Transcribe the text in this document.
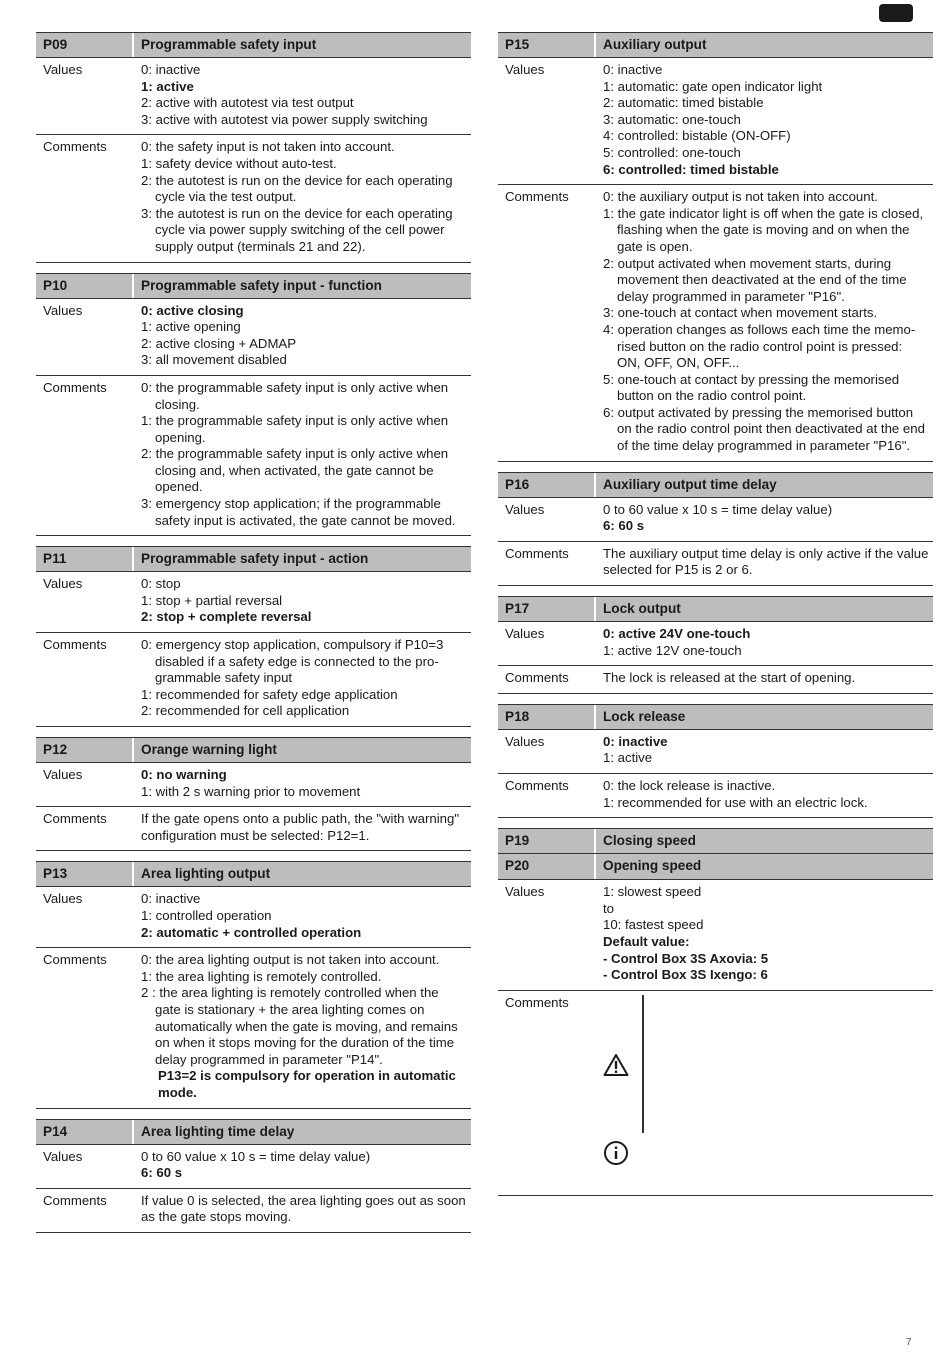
P09	Programmable safety input
Values	0: inactive
1: active
2: active with autotest via test output
3: active with autotest via power supply switching
Comments	0: the safety input is not taken into account.
1: safety device without auto-test.
2: the autotest is run on the device for each operating cycle via the test output.
3: the autotest is run on the device for each operating cycle via power supply switching of the cell power supply output (terminals 21 and 22).
P10	Programmable safety input - function
Values	0: active closing
1: active opening
2: active closing + ADMAP
3: all movement disabled
Comments	0: the programmable safety input is only active when closing.
1: the programmable safety input is only active when opening.
2: the programmable safety input is only active when closing and, when activated, the gate cannot be opened.
3: emergency stop application; if the programmable safety input is activated, the gate cannot be moved.
P11	Programmable safety input - action
Values	0: stop
1: stop + partial reversal
2: stop + complete reversal
Comments	0: emergency stop application, compulsory if P10=3 disabled if a safety edge is connected to the pro-grammable safety input
1: recommended for safety edge application
2: recommended for cell application
P12	Orange warning light
Values	0: no warning
1: with 2 s warning prior to movement
Comments	If the gate opens onto a public path, the "with warning" configuration must be selected: P12=1.
P13	Area lighting output
Values	0: inactive
1: controlled operation
2: automatic + controlled operation
Comments	0: the area lighting output is not taken into account.
1: the area lighting is remotely controlled.
2 : the area lighting is remotely controlled when the gate is stationary + the area lighting comes on automatically when the gate is moving, and remains on when it stops moving for the duration of the time delay programmed in parameter "P14".
P13=2 is compulsory for operation in automatic mode.
P14	Area lighting time delay
Values	0 to 60 value x 10 s = time delay value)
6: 60 s
Comments	If value 0 is selected, the area lighting goes out as soon as the gate stops moving.
P15	Auxiliary output
Values	0: inactive
1: automatic: gate open indicator light
2: automatic: timed bistable
3: automatic: one-touch
4: controlled: bistable (ON-OFF)
5: controlled: one-touch
6: controlled: timed bistable
Comments	0: the auxiliary output is not taken into account.
1: the gate indicator light is off when the gate is closed, flashing when the gate is moving and on when the gate is open.
2: output activated when movement starts, during movement then deactivated at the end of the time delay programmed in parameter "P16".
3: one-touch at contact when movement starts.
4: operation changes as follows each time the memo-rised button on the radio control point is pressed: ON, OFF, ON, OFF...
5: one-touch at contact by pressing the memorised button on the radio control point.
6: output activated by pressing the memorised button on the radio control point then deactivated at the end of the time delay programmed in parameter "P16".
P16	Auxiliary output time delay
Values	0 to 60 value x 10 s = time delay value)
6: 60 s
Comments	The auxiliary output time delay is only active if the value selected for P15 is 2 or 6.
P17	Lock output
Values	0: active 24V one-touch
1: active 12V one-touch
Comments	The lock is released at the start of opening.
P18	Lock release
Values	0: inactive
1: active
Comments	0: the lock release is inactive.
1: recommended for use with an electric lock.
P19	Closing speed
P20	Opening speed
Values	1: slowest speed
to
10: fastest speed
Default value:
- Control Box 3S Axovia: 5
- Control Box 3S Ixengo: 6
Comments
7
